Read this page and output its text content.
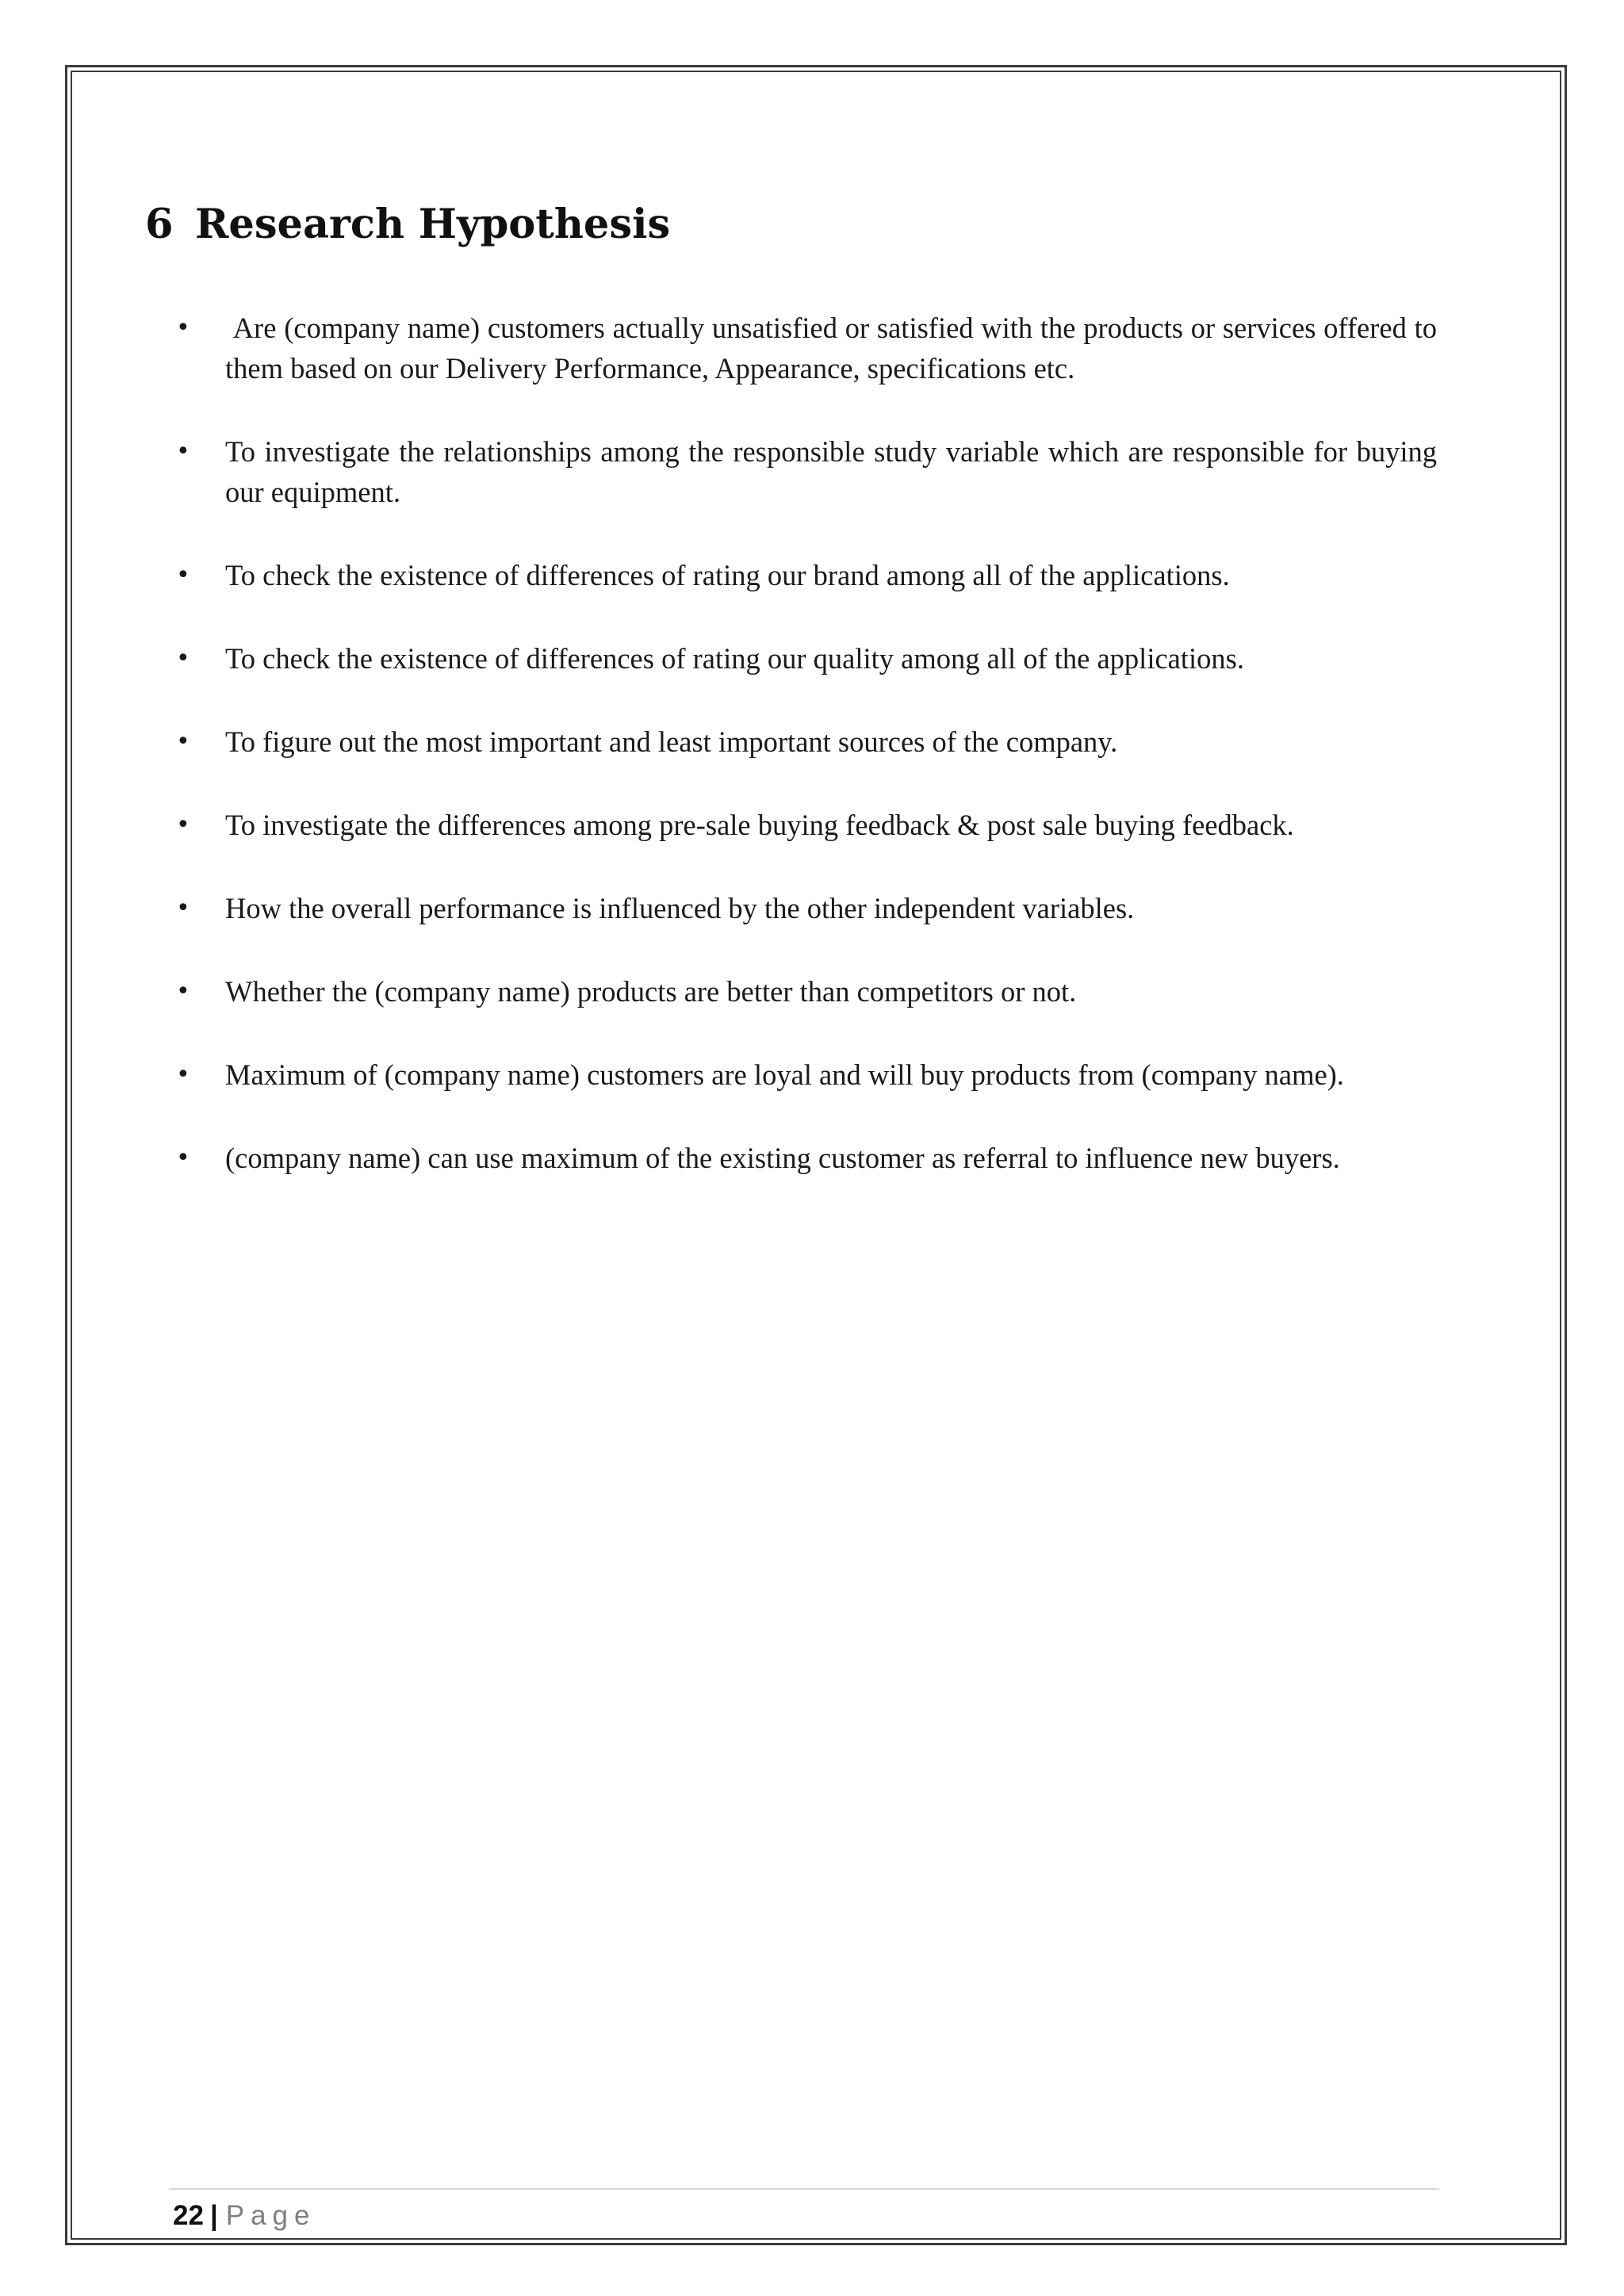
6 Research Hypothesis
• Are (company name) customers actually unsatisfied or satisfied with the products or services offered to them based on our Delivery Performance, Appearance, specifications etc.
• To investigate the relationships among the responsible study variable which are responsible for buying our equipment.
• To check the existence of differences of rating our brand among all of the applications.
• To check the existence of differences of rating our quality among all of the applications.
• To figure out the most important and least important sources of the company.
• To investigate the differences among pre-sale buying feedback & post sale buying feedback.
• How the overall performance is influenced by the other independent variables.
• Whether the (company name) products are better than competitors or not.
• Maximum of (company name) customers are loyal and will buy products from (company name).
• (company name) can use maximum of the existing customer as referral to influence new buyers.
22 | Page
